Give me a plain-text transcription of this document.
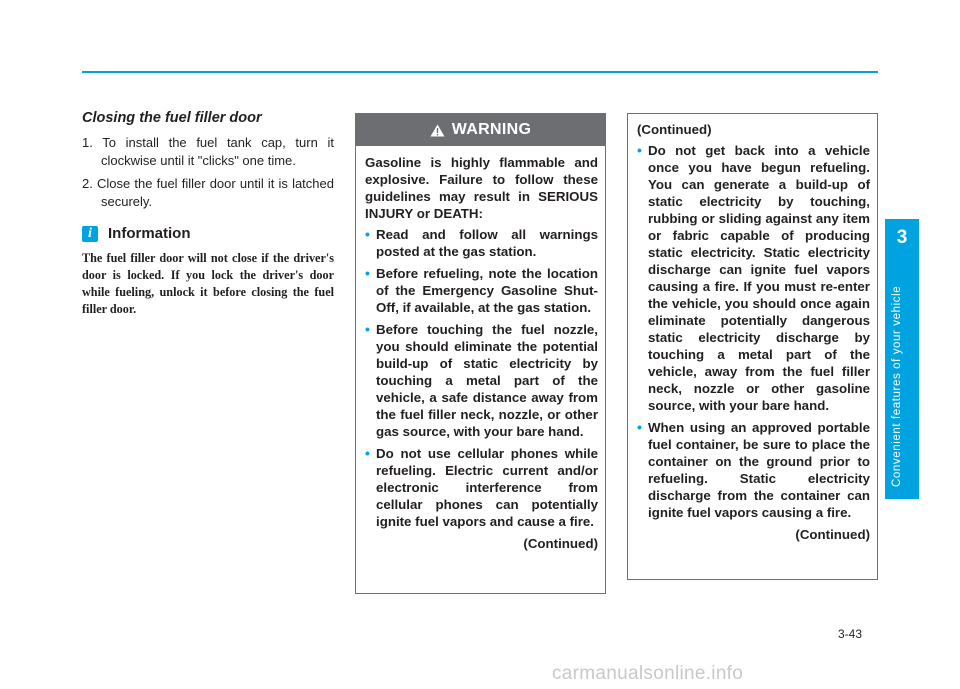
Closing the fuel filler door
1. To install the fuel tank cap, turn it clockwise until it "clicks" one time.
2. Close the fuel filler door until it is latched securely.
i	Information
The fuel filler door will not close if the driver's door is locked. If you lock the driver's door while fueling, unlock it before closing the fuel filler door.
WARNING
Gasoline is highly flammable and explosive. Failure to follow these guidelines may result in SERIOUS INJURY or DEATH:
• Read and follow all warnings posted at the gas station.
• Before refueling, note the location of the Emergency Gasoline Shut-Off, if available, at the gas station.
• Before touching the fuel nozzle, you should eliminate the potential build-up of static electricity by touching a metal part of the vehicle, a safe distance away from the fuel filler neck, nozzle, or other gas source, with your bare hand.
• Do not use cellular phones while refueling. Electric current and/or electronic interference from cellular phones can potentially ignite fuel vapors and cause a fire.
(Continued)
(Continued)
• Do not get back into a vehicle once you have begun refueling. You can generate a build-up of static electricity by touching, rubbing or sliding against any item or fabric capable of producing static electricity. Static electricity discharge can ignite fuel vapors causing a fire. If you must re-enter the vehicle, you should once again eliminate potentially dangerous static electricity discharge by touching a metal part of the vehicle, away from the fuel filler neck, nozzle or other gasoline source, with your bare hand.
• When using an approved portable fuel container, be sure to place the container on the ground prior to refueling. Static electricity discharge from the container can ignite fuel vapors causing a fire.
(Continued)
3
Convenient features of your vehicle
3-43
carmanualsonline.info
